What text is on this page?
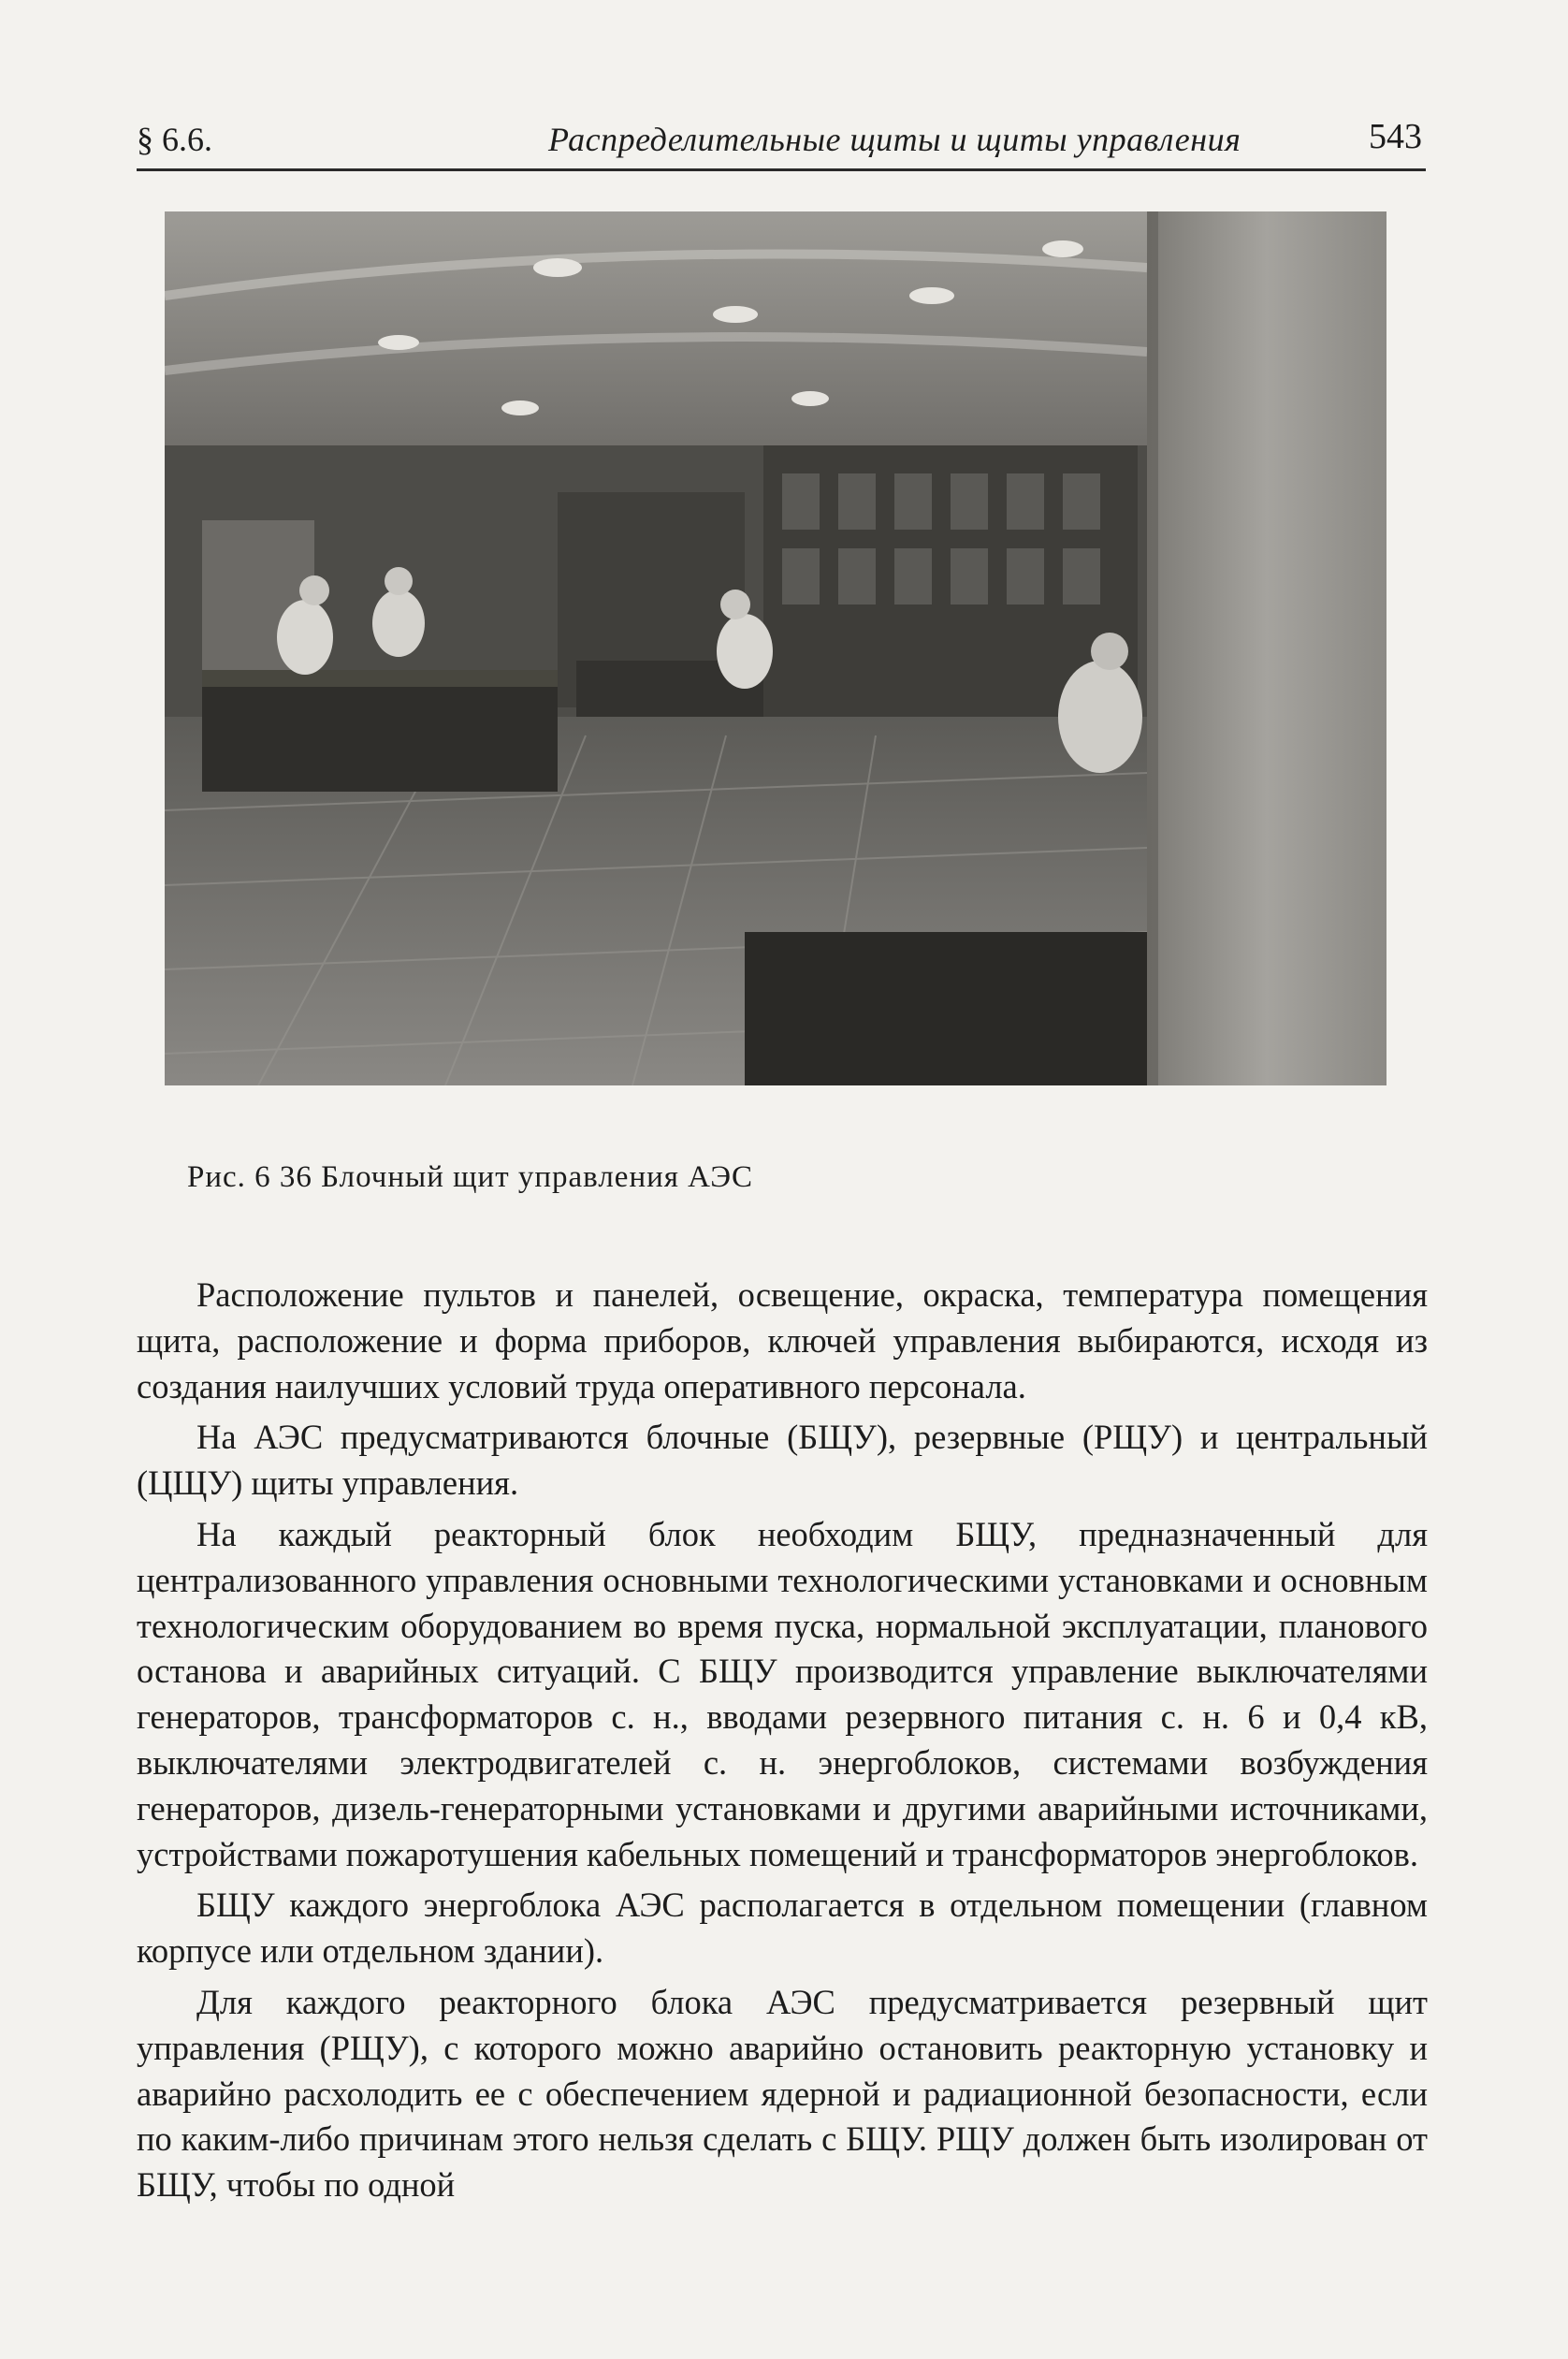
§ 6.6.	Распределительные щиты и щиты управления	543
Рис. 6 36 Блочный щит управления АЭС

Расположение пультов и панелей, освещение, окраска, температура помещения щита, расположение и форма приборов, ключей управления выбираются, исходя из создания наилучших условий труда оперативного персонала.

На АЭС предусматриваются блочные (БЩУ), резервные (РЩУ) и центральный (ЦЩУ) щиты управления.

На каждый реакторный блок необходим БЩУ, предназначенный для централизованного управления основными технологическими установками и основным технологическим оборудованием во время пуска, нормальной эксплуатации, планового останова и аварийных ситуаций. С БЩУ производится управление выключателями генераторов, трансформаторов с. н., вводами резервного питания с. н. 6 и 0,4 кВ, выключателями электродвигателей с. н. энергоблоков, системами возбуждения генераторов, дизель-генераторными установками и другими аварийными источниками, устройствами пожаротушения кабельных помещений и трансформаторов энергоблоков.

БЩУ каждого энергоблока АЭС располагается в отдельном помещении (главном корпусе или отдельном здании).

Для каждого реакторного блока АЭС предусматривается резервный щит управления (РЩУ), с которого можно аварийно остановить реакторную установку и аварийно расхолодить ее с обеспечением ядерной и радиационной безопасности, если по каким-либо причинам этого нельзя сделать с БЩУ. РЩУ должен быть изолирован от БЩУ, чтобы по одной
